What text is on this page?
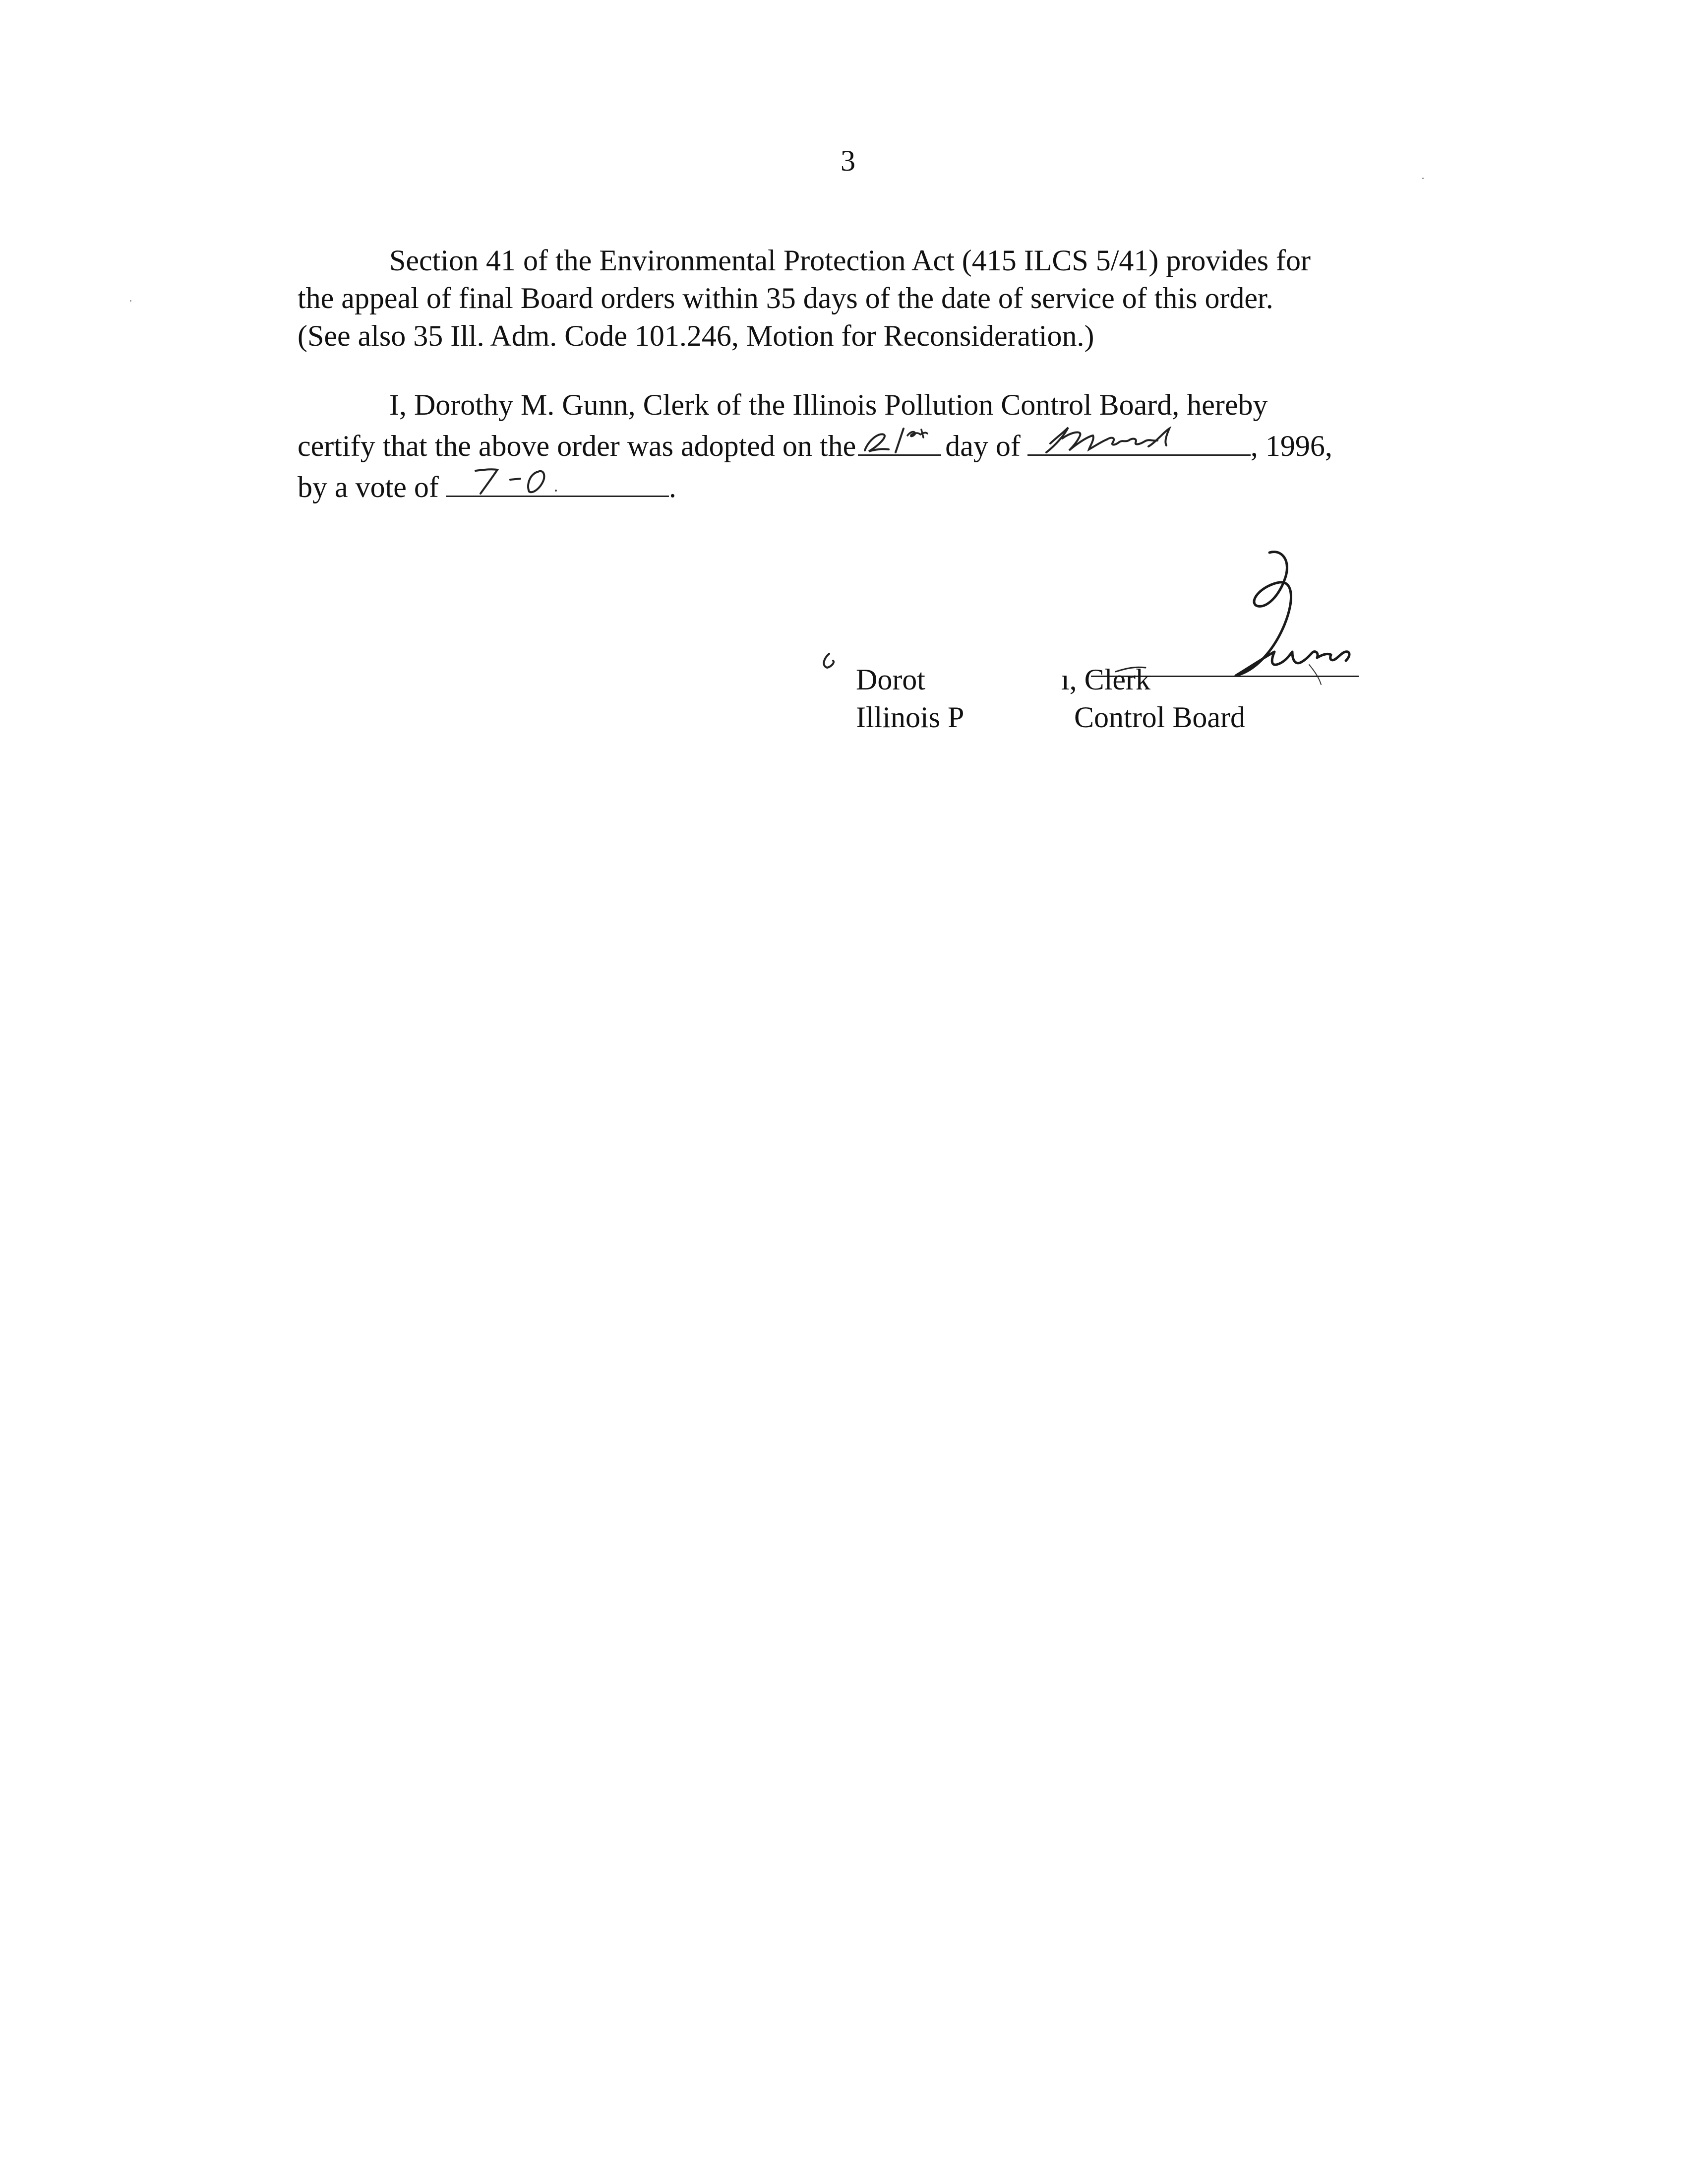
3

Section 41 of the Environmental Protection Act (415 ILCS 5/41) provides for
the appeal of final Board orders within 35 days of the date of service of this order.
(See also 35 Ill. Adm. Code 101.246, Motion for Reconsideration.)

I, Dorothy M. Gunn, Clerk of the Illinois Pollution Control Board, hereby
certify that the above order was adopted on the	day of	, 1996,
by a vote of	.

Dorot	ı, Clerk
Illinois P	Control Board
